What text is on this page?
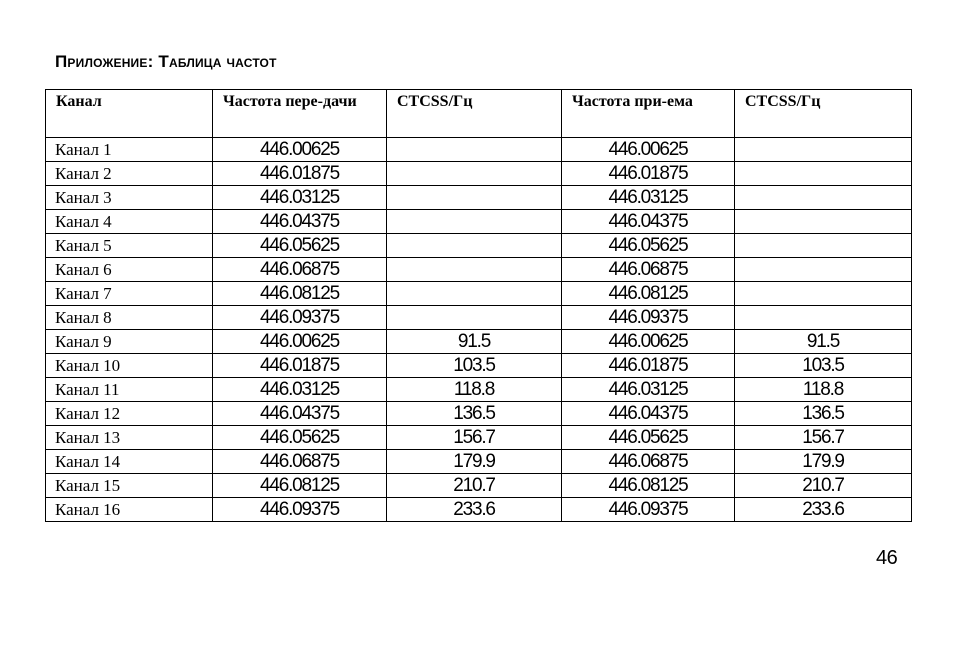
Приложение: Таблица частот
Канал	Частота пере-дачи	CTCSS/Гц	Частота при-ема	CTCSS/Гц
Канал 1	446.00625		446.00625	
Канал 2	446.01875		446.01875	
Канал 3	446.03125		446.03125	
Канал 4	446.04375		446.04375	
Канал 5	446.05625		446.05625	
Канал 6	446.06875		446.06875	
Канал 7	446.08125		446.08125	
Канал 8	446.09375		446.09375	
Канал 9	446.00625	91.5	446.00625	91.5
Канал 10	446.01875	103.5	446.01875	103.5
Канал 11	446.03125	118.8	446.03125	118.8
Канал 12	446.04375	136.5	446.04375	136.5
Канал 13	446.05625	156.7	446.05625	156.7
Канал 14	446.06875	179.9	446.06875	179.9
Канал 15	446.08125	210.7	446.08125	210.7
Канал 16	446.09375	233.6	446.09375	233.6
46
